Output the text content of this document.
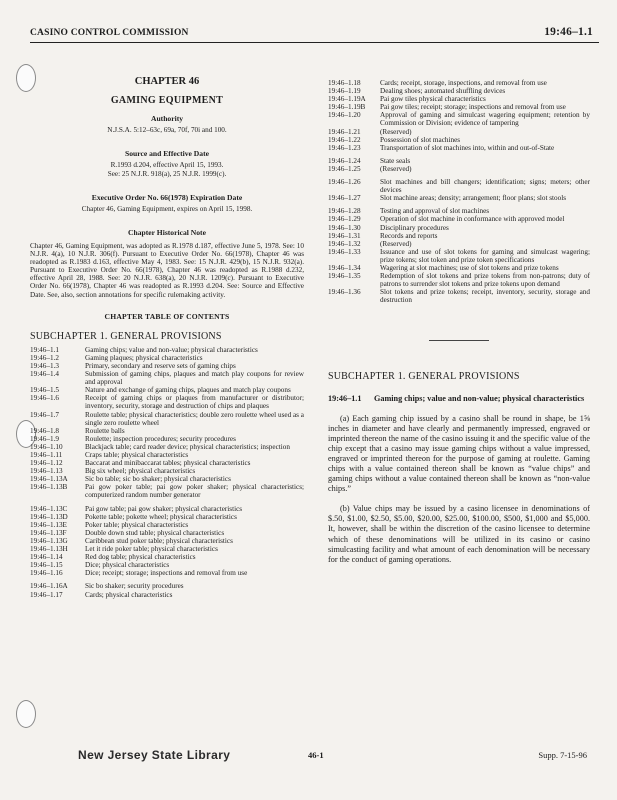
CASINO CONTROL COMMISSION	19:46–1.1
CHAPTER 46
GAMING EQUIPMENT
Authority
N.J.S.A. 5:12–63c, 69a, 70f, 70i and 100.
Source and Effective Date
R.1993 d.204, effective April 15, 1993.
See: 25 N.J.R. 918(a), 25 N.J.R. 1999(c).
Executive Order No. 66(1978) Expiration Date
Chapter 46, Gaming Equipment, expires on April 15, 1998.
Chapter Historical Note
Chapter 46, Gaming Equipment, was adopted as R.1978 d.187, effective June 5, 1978. See: 10 N.J.R. 4(a), 10 N.J.R. 306(f). Pursuant to Executive Order No. 66(1978), Chapter 46 was readopted as R.1983 d.163, effective May 4, 1983. See: 15 N.J.R. 429(b), 15 N.J.R. 932(a). Pursuant to Executive Order No. 66(1978), Chapter 46 was readopted as R.1988 d.232, effective April 28, 1988. See: 20 N.J.R. 638(a), 20 N.J.R. 1209(c). Pursuant to Executive Order No. 66(1978), Chapter 46 was readopted as R.1993 d.204. See: Source and Effective Date. See, also, section annotations for specific rulemaking activity.
CHAPTER TABLE OF CONTENTS
SUBCHAPTER 1. GENERAL PROVISIONS
19:46–1.1	Gaming chips; value and non-value; physical characteristics
19:46–1.2	Gaming plaques; physical characteristics
19:46–1.3	Primary, secondary and reserve sets of gaming chips
19:46–1.4	Submission of gaming chips, plaques and match play coupons for review and approval
19:46–1.5	Nature and exchange of gaming chips, plaques and match play coupons
19:46–1.6	Receipt of gaming chips or plaques from manufacturer or distributor; inventory, security, storage and destruction of chips and plaques
19:46–1.7	Roulette table; physical characteristics; double zero roulette wheel used as a single zero roulette wheel
19:46–1.8	Roulette balls
19:46–1.9	Roulette; inspection procedures; security procedures
19:46–1.10	Blackjack table; card reader device; physical characteristics; inspection
19:46–1.11	Craps table; physical characteristics
19:46–1.12	Baccarat and minibaccarat tables; physical characteristics
19:46–1.13	Big six wheel; physical characteristics
19:46–1.13A	Sic bo table; sic bo shaker; physical characteristics
19:46–1.13B	Pai gow poker table; pai gow poker shaker; physical characteristics; computerized random number generator
19:46–1.13C	Pai gow table; pai gow shaker; physical characteristics
19:46–1.13D	Pokette table; pokette wheel; physical characteristics
19:46–1.13E	Poker table; physical characteristics
19:46–1.13F	Double down stud table; physical characteristics
19:46–1.13G	Caribbean stud poker table; physical characteristics
19:46–1.13H	Let it ride poker table; physical characteristics
19:46–1.14	Red dog table; physical characteristics
19:46–1.15	Dice; physical characteristics
19:46–1.16	Dice; receipt; storage; inspections and removal from use
19:46–1.16A	Sic bo shaker; security procedures
19:46–1.17	Cards; physical characteristics
19:46–1.18	Cards; receipt, storage, inspections, and removal from use
19:46–1.19	Dealing shoes; automated shuffling devices
19:46–1.19A	Pai gow tiles physical characteristics
19:46–1.19B	Pai gow tiles; receipt; storage; inspections and removal from use
19:46–1.20	Approval of gaming and simulcast wagering equipment; retention by Commission or Division; evidence of tampering
19:46–1.21	(Reserved)
19:46–1.22	Possession of slot machines
19:46–1.23	Transportation of slot machines into, within and out-of-State
19:46–1.24	State seals
19:46–1.25	(Reserved)
19:46–1.26	Slot machines and bill changers; identification; signs; meters; other devices
19:46–1.27	Slot machine areas; density; arrangement; floor plans; slot stools
19:46–1.28	Testing and approval of slot machines
19:46–1.29	Operation of slot machine in conformance with approved model
19:46–1.30	Disciplinary procedures
19:46–1.31	Records and reports
19:46–1.32	(Reserved)
19:46–1.33	Issuance and use of slot tokens for gaming and simulcast wagering; prize tokens; slot token and prize token specifications
19:46–1.34	Wagering at slot machines; use of slot tokens and prize tokens
19:46–1.35	Redemption of slot tokens and prize tokens from non-patrons; duty of patrons to surrender slot tokens and prize tokens upon demand
19:46–1.36	Slot tokens and prize tokens; receipt, inventory, security, storage and destruction
SUBCHAPTER 1. GENERAL PROVISIONS
19:46–1.1	Gaming chips; value and non-value; physical characteristics
(a) Each gaming chip issued by a casino shall be round in shape, be 1⅝ inches in diameter and have clearly and permanently impressed, engraved or imprinted thereon the name of the casino issuing it and the specific value of the chip except that a casino may issue gaming chips without a value impressed, engraved or imprinted thereon for the purpose of gaming at roulette. Gaming chips with a value contained thereon shall be known as “value chips” and gaming chips without a value contained thereon shall be known as “non-value chips.”
(b) Value chips may be issued by a casino licensee in denominations of $.50, $1.00, $2.50, $5.00, $20.00, $25.00, $100.00, $500, $1,000 and $5,000. It, however, shall be within the discretion of the casino licensee to determine which of these denominations will be utilized in its casino or casino simulcasting facility and what amount of each denomination will be necessary for the conduct of gaming operations.
New Jersey State Library	46-1	Supp. 7-15-96
